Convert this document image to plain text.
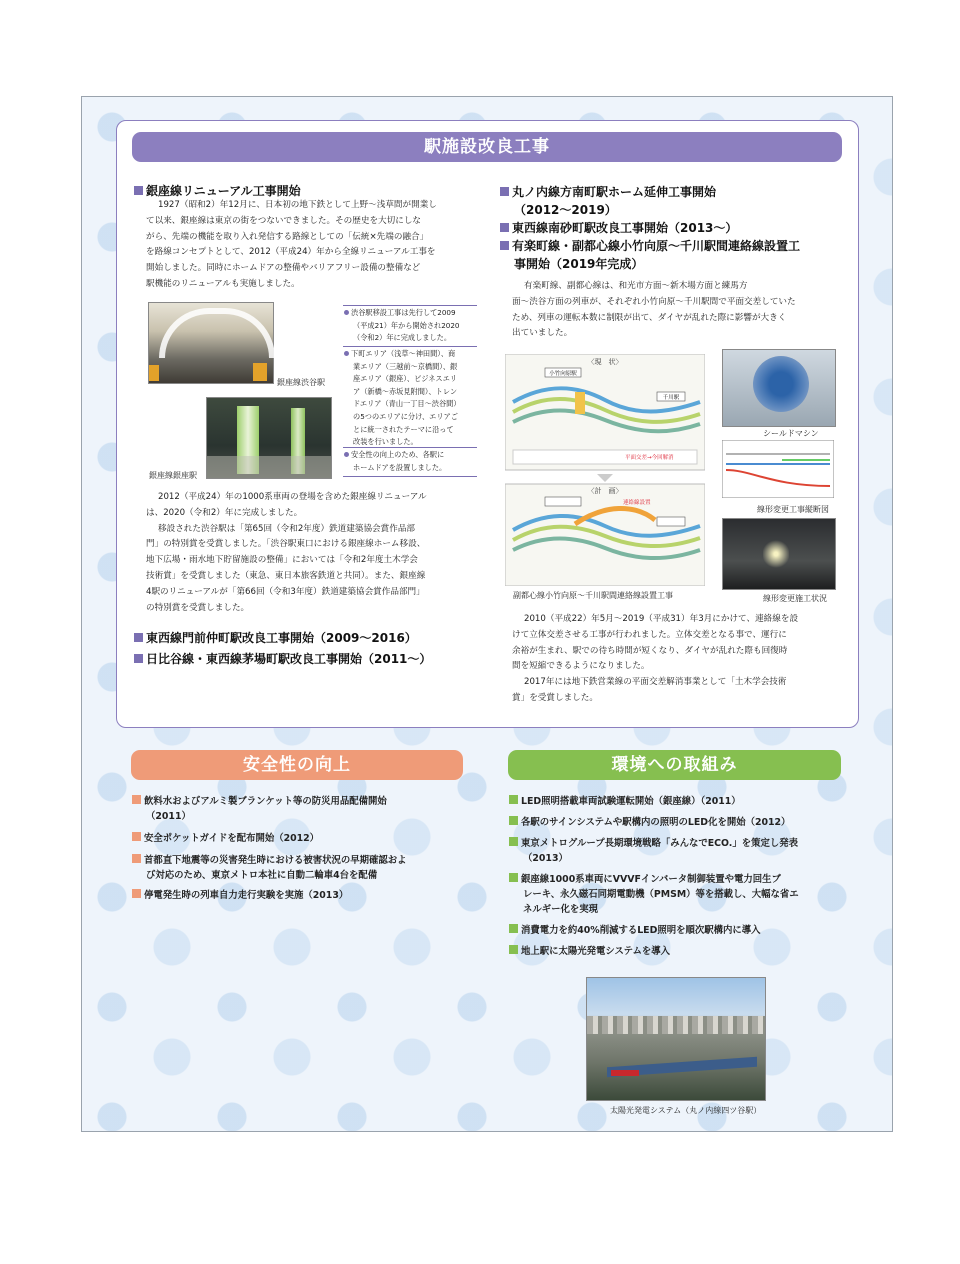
駅施設改良工事
安全性の向上	環境への取組み
銀座線リニューアル工事開始
1927（昭和2）年12月に、日本初の地下鉄として上野〜浅草間が開業し
て以来、銀座線は東京の街をつないできました。その歴史を大切にしな
がら、先端の機能を取り入れ発信する路線としての「伝統×先端の融合」
を路線コンセプトとして、2012（平成24）年から全線リニューアル工事を
開始しました。同時にホームドアの整備やバリアフリー設備の整備など
駅機能のリニューアルも実施しました。
銀座線渋谷駅
銀座線銀座駅
渋谷駅移設工事は先行して2009
（平成21）年から開始され2020
（令和2）年に完成しました。
下町エリア（浅草〜神田間）、商
業エリア（三越前〜京橋間）、銀
座エリア（銀座）、ビジネスエリ
ア（新橋〜赤坂見附間）、トレン
ドエリア（青山一丁目〜渋谷間）
の5つのエリアに分け、エリアご
とに統一されたテーマに沿って
改装を行いました。
安全性の向上のため、各駅に
ホームドアを設置しました。
2012（平成24）年の1000系車両の登場を含めた銀座線リニューアル
は、2020（令和2）年に完成しました。
移設された渋谷駅は「第65回（令和2年度）鉄道建築協会賞作品部
門」の特別賞を受賞しました。「渋谷駅東口における銀座線ホーム移設、
地下広場・雨水地下貯留施設の整備」においては「令和2年度土木学会
技術賞」を受賞しました（東急、東日本旅客鉄道と共同）。また、銀座線
4駅のリニューアルが「第66回（令和3年度）鉄道建築協会賞作品部門」
の特別賞を受賞しました。
東西線門前仲町駅改良工事開始（2009〜2016）
日比谷線・東西線茅場町駅改良工事開始（2011〜）
丸ノ内線方南町駅ホーム延伸工事開始
（2012〜2019）
東西線南砂町駅改良工事開始（2013〜）
有楽町線・副都心線小竹向原〜千川駅間連絡線設置工
事開始（2019年完成）
有楽町線、副都心線は、和光市方面〜新木場方面と練馬方
面〜渋谷方面の列車が、それぞれ小竹向原〜千川駅間で平面交差していた
ため、列車の運転本数に制限が出て、ダイヤが乱れた際に影響が大きく
出ていました。
〈現　状〉
小竹向原駅
千川駅
平面交差→今回解消
〈計　画〉
連絡線設置
副都心線小竹向原〜千川駅間連絡線設置工事
シールドマシン
線形変更工事縦断図
線形変更施工状況
2010（平成22）年5月〜2019（平成31）年3月にかけて、連絡線を設
けて立体交差させる工事が行われました。立体交差となる事で、運行に
余裕が生まれ、駅での待ち時間が短くなり、ダイヤが乱れた際も回復時
間を短縮できるようになりました。
2017年には地下鉄営業線の平面交差解消事業として「土木学会技術
賞」を受賞しました。
飲料水およびアルミ製ブランケット等の防災用品配備開始
（2011）
安全ポケットガイドを配布開始（2012）
首都直下地震等の災害発生時における被害状況の早期確認およ
び対応のため、東京メトロ本社に自動二輪車4台を配備
停電発生時の列車自力走行実験を実施（2013）
LED照明搭載車両試験運転開始（銀座線）（2011）
各駅のサインシステムや駅構内の照明のLED化を開始（2012）
東京メトログループ長期環境戦略「みんなでECO.」を策定し発表
（2013）
銀座線1000系車両にVVVFインバータ制御装置や電力回生ブ
レーキ、永久磁石同期電動機（PMSM）等を搭載し、大幅な省エ
ネルギー化を実現
消費電力を約40%削減するLED照明を順次駅構内に導入
地上駅に太陽光発電システムを導入
太陽光発電システム（丸ノ内線四ツ谷駅）
